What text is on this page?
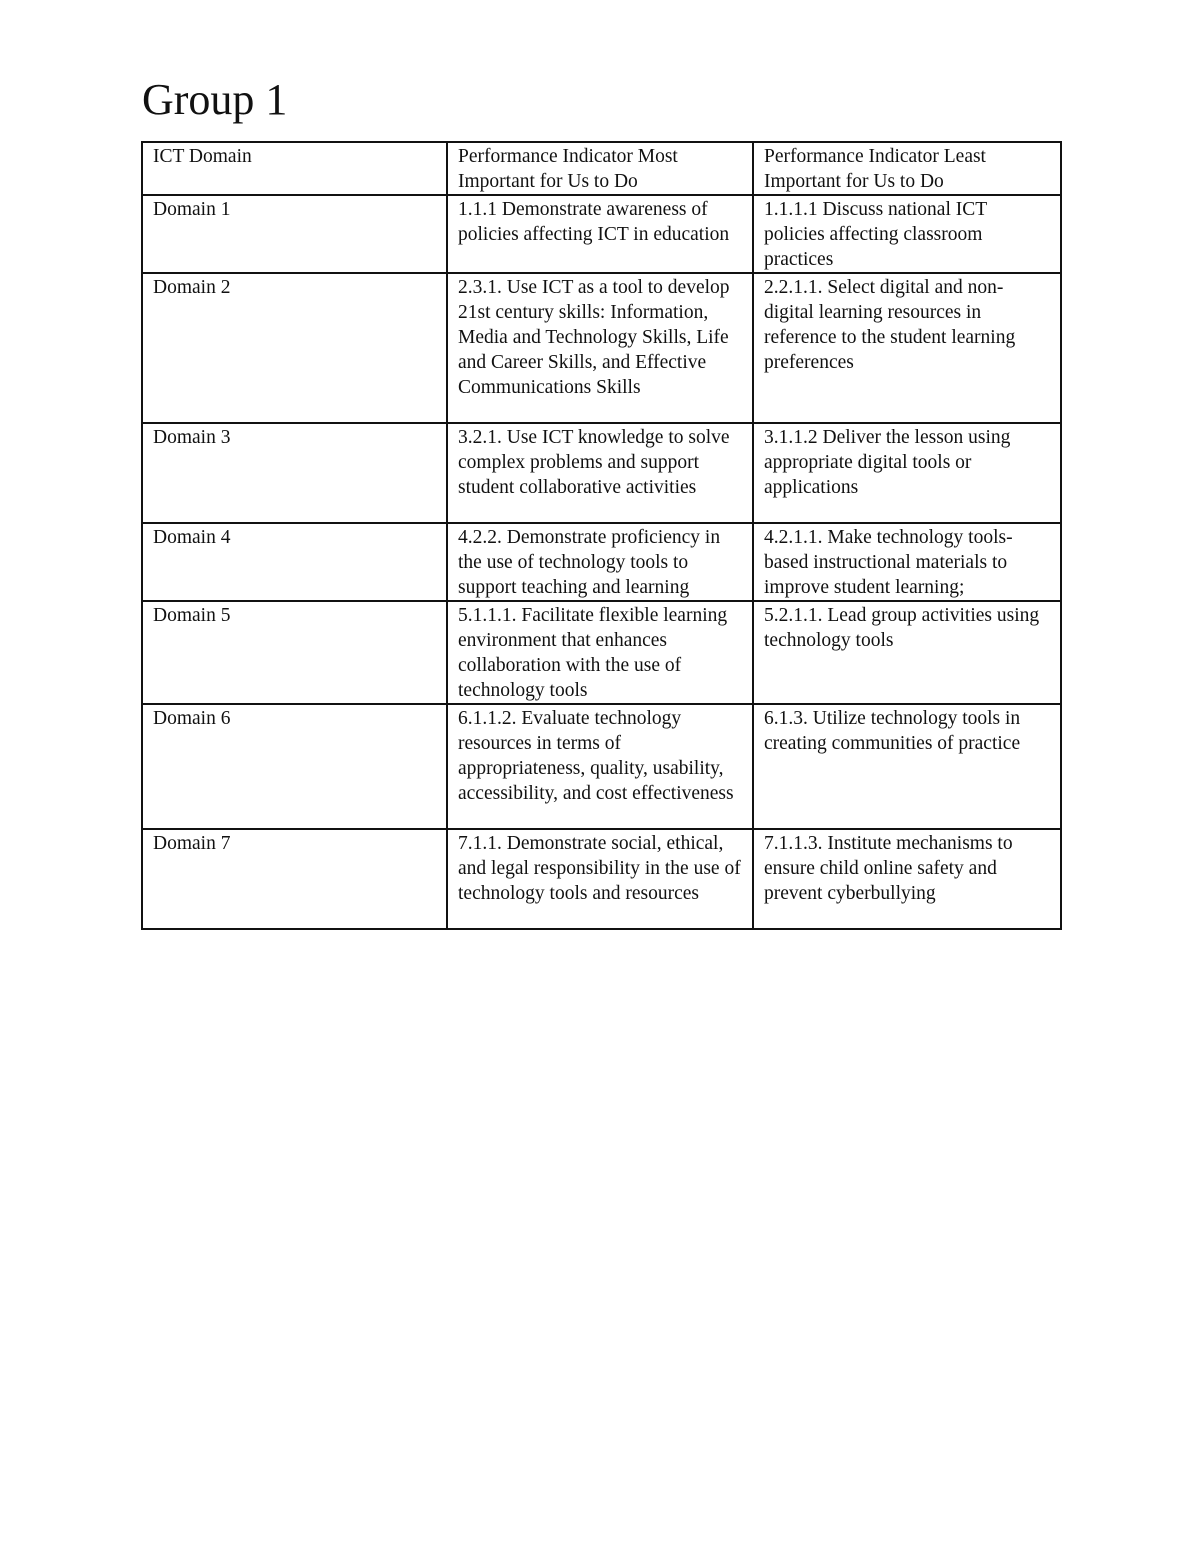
Group 1
ICT Domain	Performance Indicator Most Important for Us to Do	Performance Indicator Least Important for Us to Do
Domain 1	1.1.1 Demonstrate awareness of policies affecting ICT in education	1.1.1.1 Discuss national ICT policies affecting classroom practices
Domain 2	2.3.1. Use ICT as a tool to develop 21st century skills: Information, Media and Technology Skills, Life and Career Skills, and Effective Communications Skills	2.2.1.1. Select digital and non-digital learning resources in reference to the student learning preferences
Domain 3	3.2.1. Use ICT knowledge to solve complex problems and support student collaborative activities	3.1.1.2 Deliver the lesson using appropriate digital tools or applications
Domain 4	4.2.2. Demonstrate proficiency in the use of technology tools to support teaching and learning	4.2.1.1. Make technology tools-based instructional materials to improve student learning;
Domain 5	5.1.1.1. Facilitate flexible learning environment that enhances collaboration with the use of technology tools	5.2.1.1. Lead group activities using technology tools
Domain 6	6.1.1.2. Evaluate technology resources in terms of appropriateness, quality, usability, accessibility, and cost effectiveness	6.1.3. Utilize technology tools in creating communities of practice
Domain 7	7.1.1. Demonstrate social, ethical, and legal responsibility in the use of technology tools and resources	7.1.1.3. Institute mechanisms to ensure child online safety and prevent cyberbullying
